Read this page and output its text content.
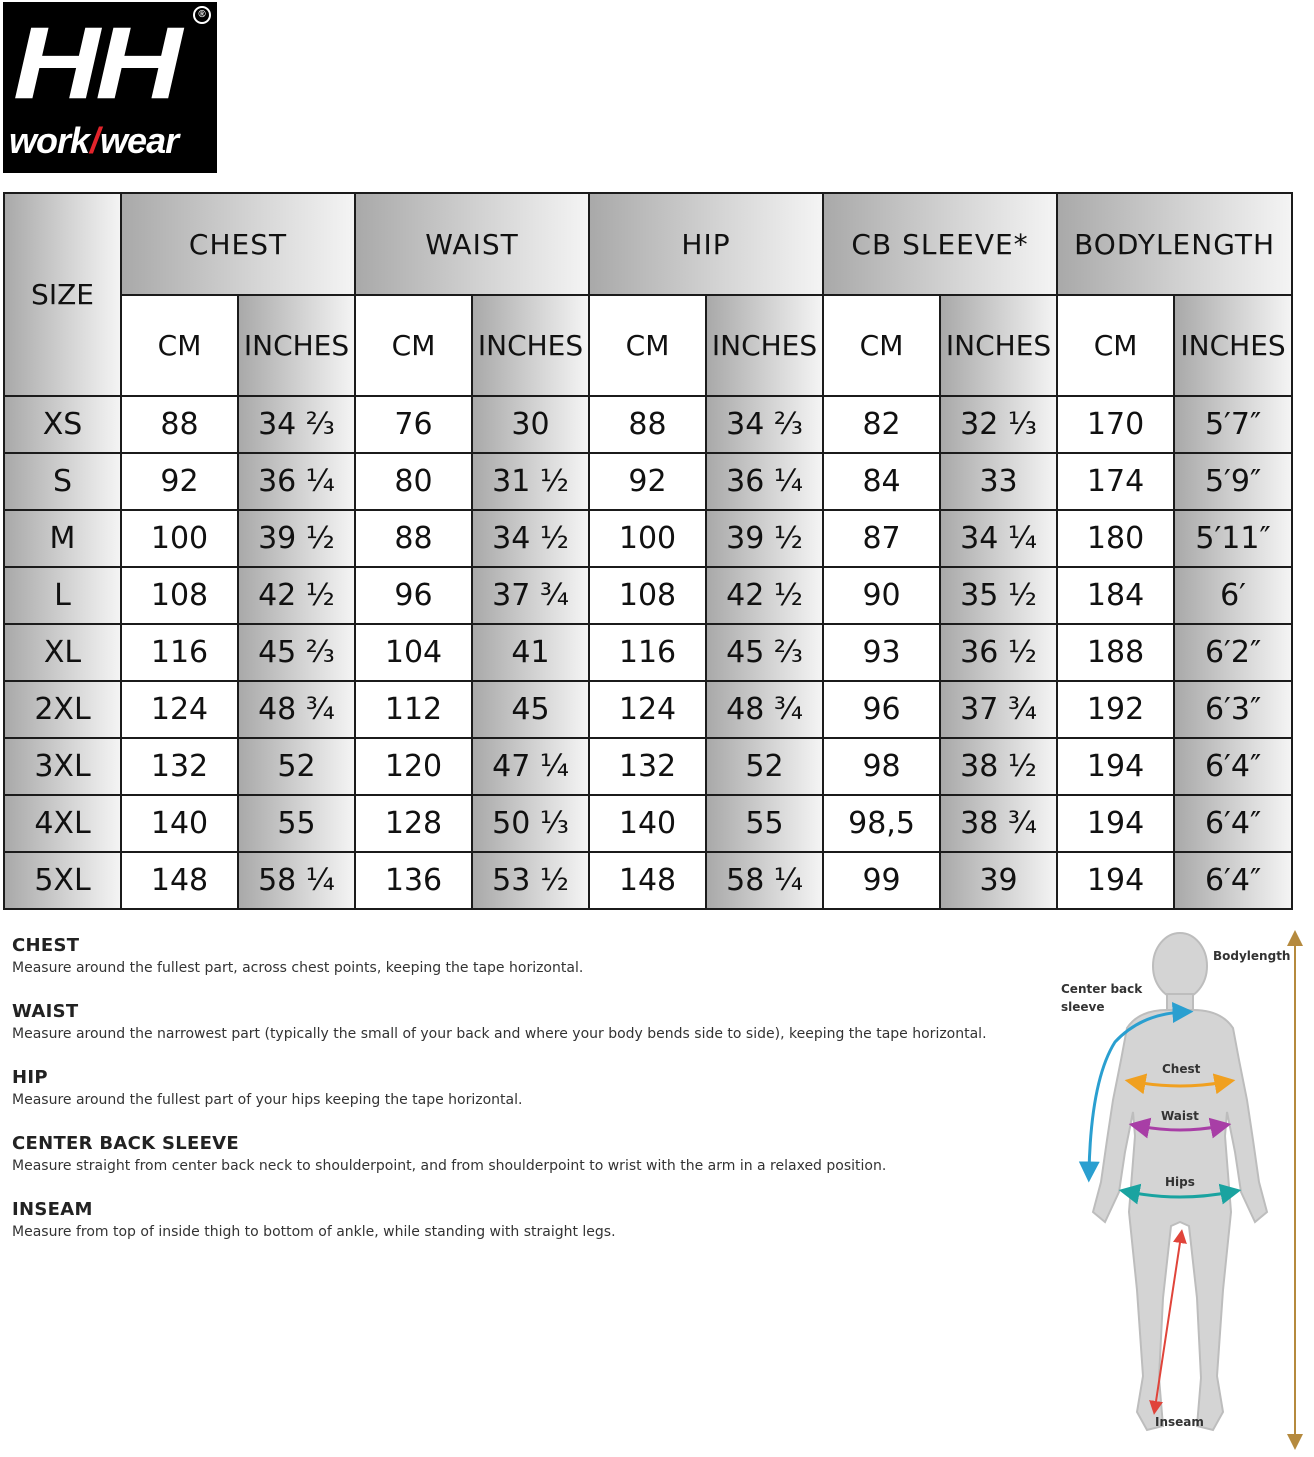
HH	®
work/wear
SIZE	CHEST		WAIST		HIP		CB SLEEVE*		BODYLENGTH	
	CM	INCHES	CM	INCHES	CM	INCHES	CM	INCHES	CM	INCHES
XS	88	34 ⅔	76	30	88	34 ⅔	82	32 ⅓	170	5′7″
S	92	36 ¼	80	31 ½	92	36 ¼	84	33	174	5′9″
M	100	39 ½	88	34 ½	100	39 ½	87	34 ¼	180	5′11″
L	108	42 ½	96	37 ¾	108	42 ½	90	35 ½	184	6′
XL	116	45 ⅔	104	41	116	45 ⅔	93	36 ½	188	6′2″
2XL	124	48 ¾	112	45	124	48 ¾	96	37 ¾	192	6′3″
3XL	132	52	120	47 ¼	132	52	98	38 ½	194	6′4″
4XL	140	55	128	50 ⅓	140	55	98,5	38 ¾	194	6′4″
5XL	148	58 ¼	136	53 ½	148	58 ¼	99	39	194	6′4″
CHEST
Measure around the fullest part, across chest points, keeping the tape horizontal.
WAIST
Measure around the narrowest part (typically the small of your back and where your body bends side to side), keeping the tape horizontal.
HIP
Measure around the fullest part of your hips keeping the tape horizontal.
CENTER BACK SLEEVE
Measure straight from center back neck to shoulderpoint, and from shoulderpoint to wrist with the arm in a relaxed position.
INSEAM
Measure from top of inside thigh to bottom of ankle, while standing with straight legs.
Bodylength
Center back
sleeve
Chest
Waist
Hips
Inseam
